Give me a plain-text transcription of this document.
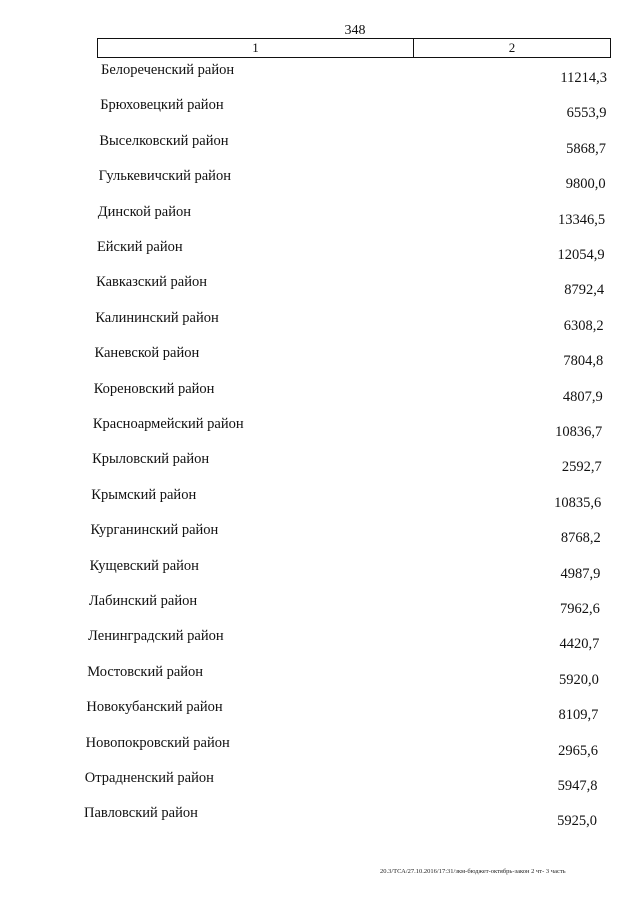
348
1	2
Белореченский район	11214,3
Брюховецкий район	6553,9
Выселковский район	5868,7
Гулькевичский район	9800,0
Динской район	13346,5
Ейский район	12054,9
Кавказский район	8792,4
Калининский район	6308,2
Каневской район	7804,8
Кореновский район	4807,9
Красноармейский район	10836,7
Крыловский район	2592,7
Крымский район	10835,6
Курганинский район	8768,2
Кущевский район	4987,9
Лабинский район	7962,6
Ленинградский район	4420,7
Мостовский район	5920,0
Новокубанский район	8109,7
Новопокровский район	2965,6
Отрадненский район	5947,8
Павловский район	5925,0
20.3/ТСА/27.10.2016/17:31/зкм-бюджет-октябрь-закон 2 чт- 3 часть
